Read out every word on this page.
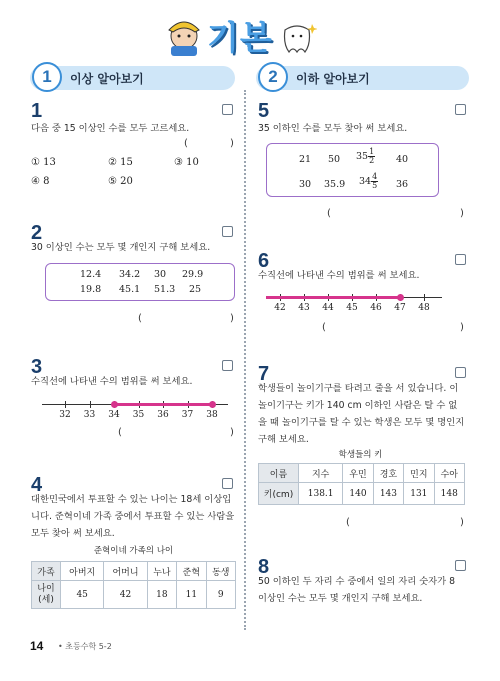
기본
1	이상 알아보기	2	이하 알아보기
1
다음 중 15 이상인 수를 모두 고르세요.
(	)
① 13	② 15	③ 10
④ 8	⑤ 20
2
30 이상인 수는 모두 몇 개인지 구해 보세요.
12.4 34.2 30 29.9
19.8 45.1 51.3 25
(	)
3
수직선에 나타낸 수의 범위를 써 보세요.
32	33	34	35	36	37	38
(	)
4
대한민국에서 투표할 수 있는 나이는 18세 이상입니다. 준혁이네 가족 중에서 투표할 수 있는 사람을 모두 찾아 써 보세요.
준혁이네 가족의 나이
가족	아버지	어머니	누나	준혁	동생

나이
(세)	45	42	18	11	9
5
35 이하인 수를 모두 찾아 써 보세요.
21 50 $35 \frac{1}{2} 40$
30 35.9 $34 \frac{4}{5} 36$
(	)
6
수직선에 나타낸 수의 범위를 써 보세요.
42	43	44	45	46	47	48
(	)
7
학생들이 놀이기구를 타려고 줄을 서 있습니다. 이 놀이기구는 키가 140 cm 이하인 사람은 탈 수 없을 때 놀이기구를 탈 수 있는 학생은 모두 몇 명인지 구해 보세요.
학생들의 키
이름	지수	우민	경호	민지	수아
키(cm)	138.1	140	143	131	148
(	)
8
50 이하인 두 자리 수 중에서 일의 자리 숫자가 8 이상인 수는 모두 몇 개인지 구해 보세요.
14 • 초등수학 5-2
